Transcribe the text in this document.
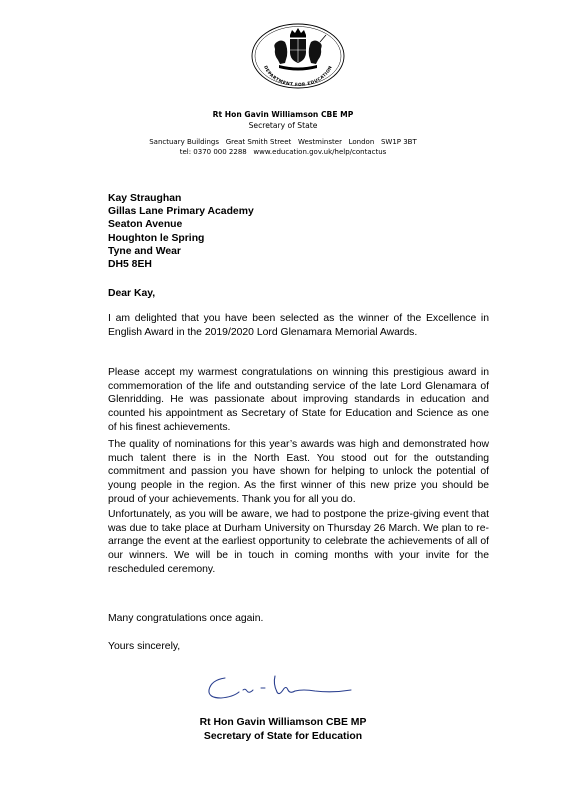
DEPARTMENT FOR EDUCATION
Rt Hon Gavin Williamson CBE MP
Secretary of State
Sanctuary Buildings   Great Smith Street   Westminster   London   SW1P 3BT
tel: 0370 000 2288   www.education.gov.uk/help/contactus
Kay Straughan
Gillas Lane Primary Academy
Seaton Avenue
Houghton le Spring
Tyne and Wear
DH5 8EH
Dear Kay,
I am delighted that you have been selected as the winner of the Excellence in English Award in the 2019/2020 Lord Glenamara Memorial Awards.
Please accept my warmest congratulations on winning this prestigious award in commemoration of the life and outstanding service of the late Lord Glenamara of Glenridding. He was passionate about improving standards in education and counted his appointment as Secretary of State for Education and Science as one of his finest achievements.
The quality of nominations for this year’s awards was high and demonstrated how much talent there is in the North East. You stood out for the outstanding commitment and passion you have shown for helping to unlock the potential of young people in the region. As the first winner of this new prize you should be proud of your achievements. Thank you for all you do.
Unfortunately, as you will be aware, we had to postpone the prize-giving event that was due to take place at Durham University on Thursday 26 March. We plan to re-arrange the event at the earliest opportunity to celebrate the achievements of all of our winners. We will be in touch in coming months with your invite for the rescheduled ceremony.
Many congratulations once again.
Yours sincerely,
Rt Hon Gavin Williamson CBE MP
Secretary of State for Education
